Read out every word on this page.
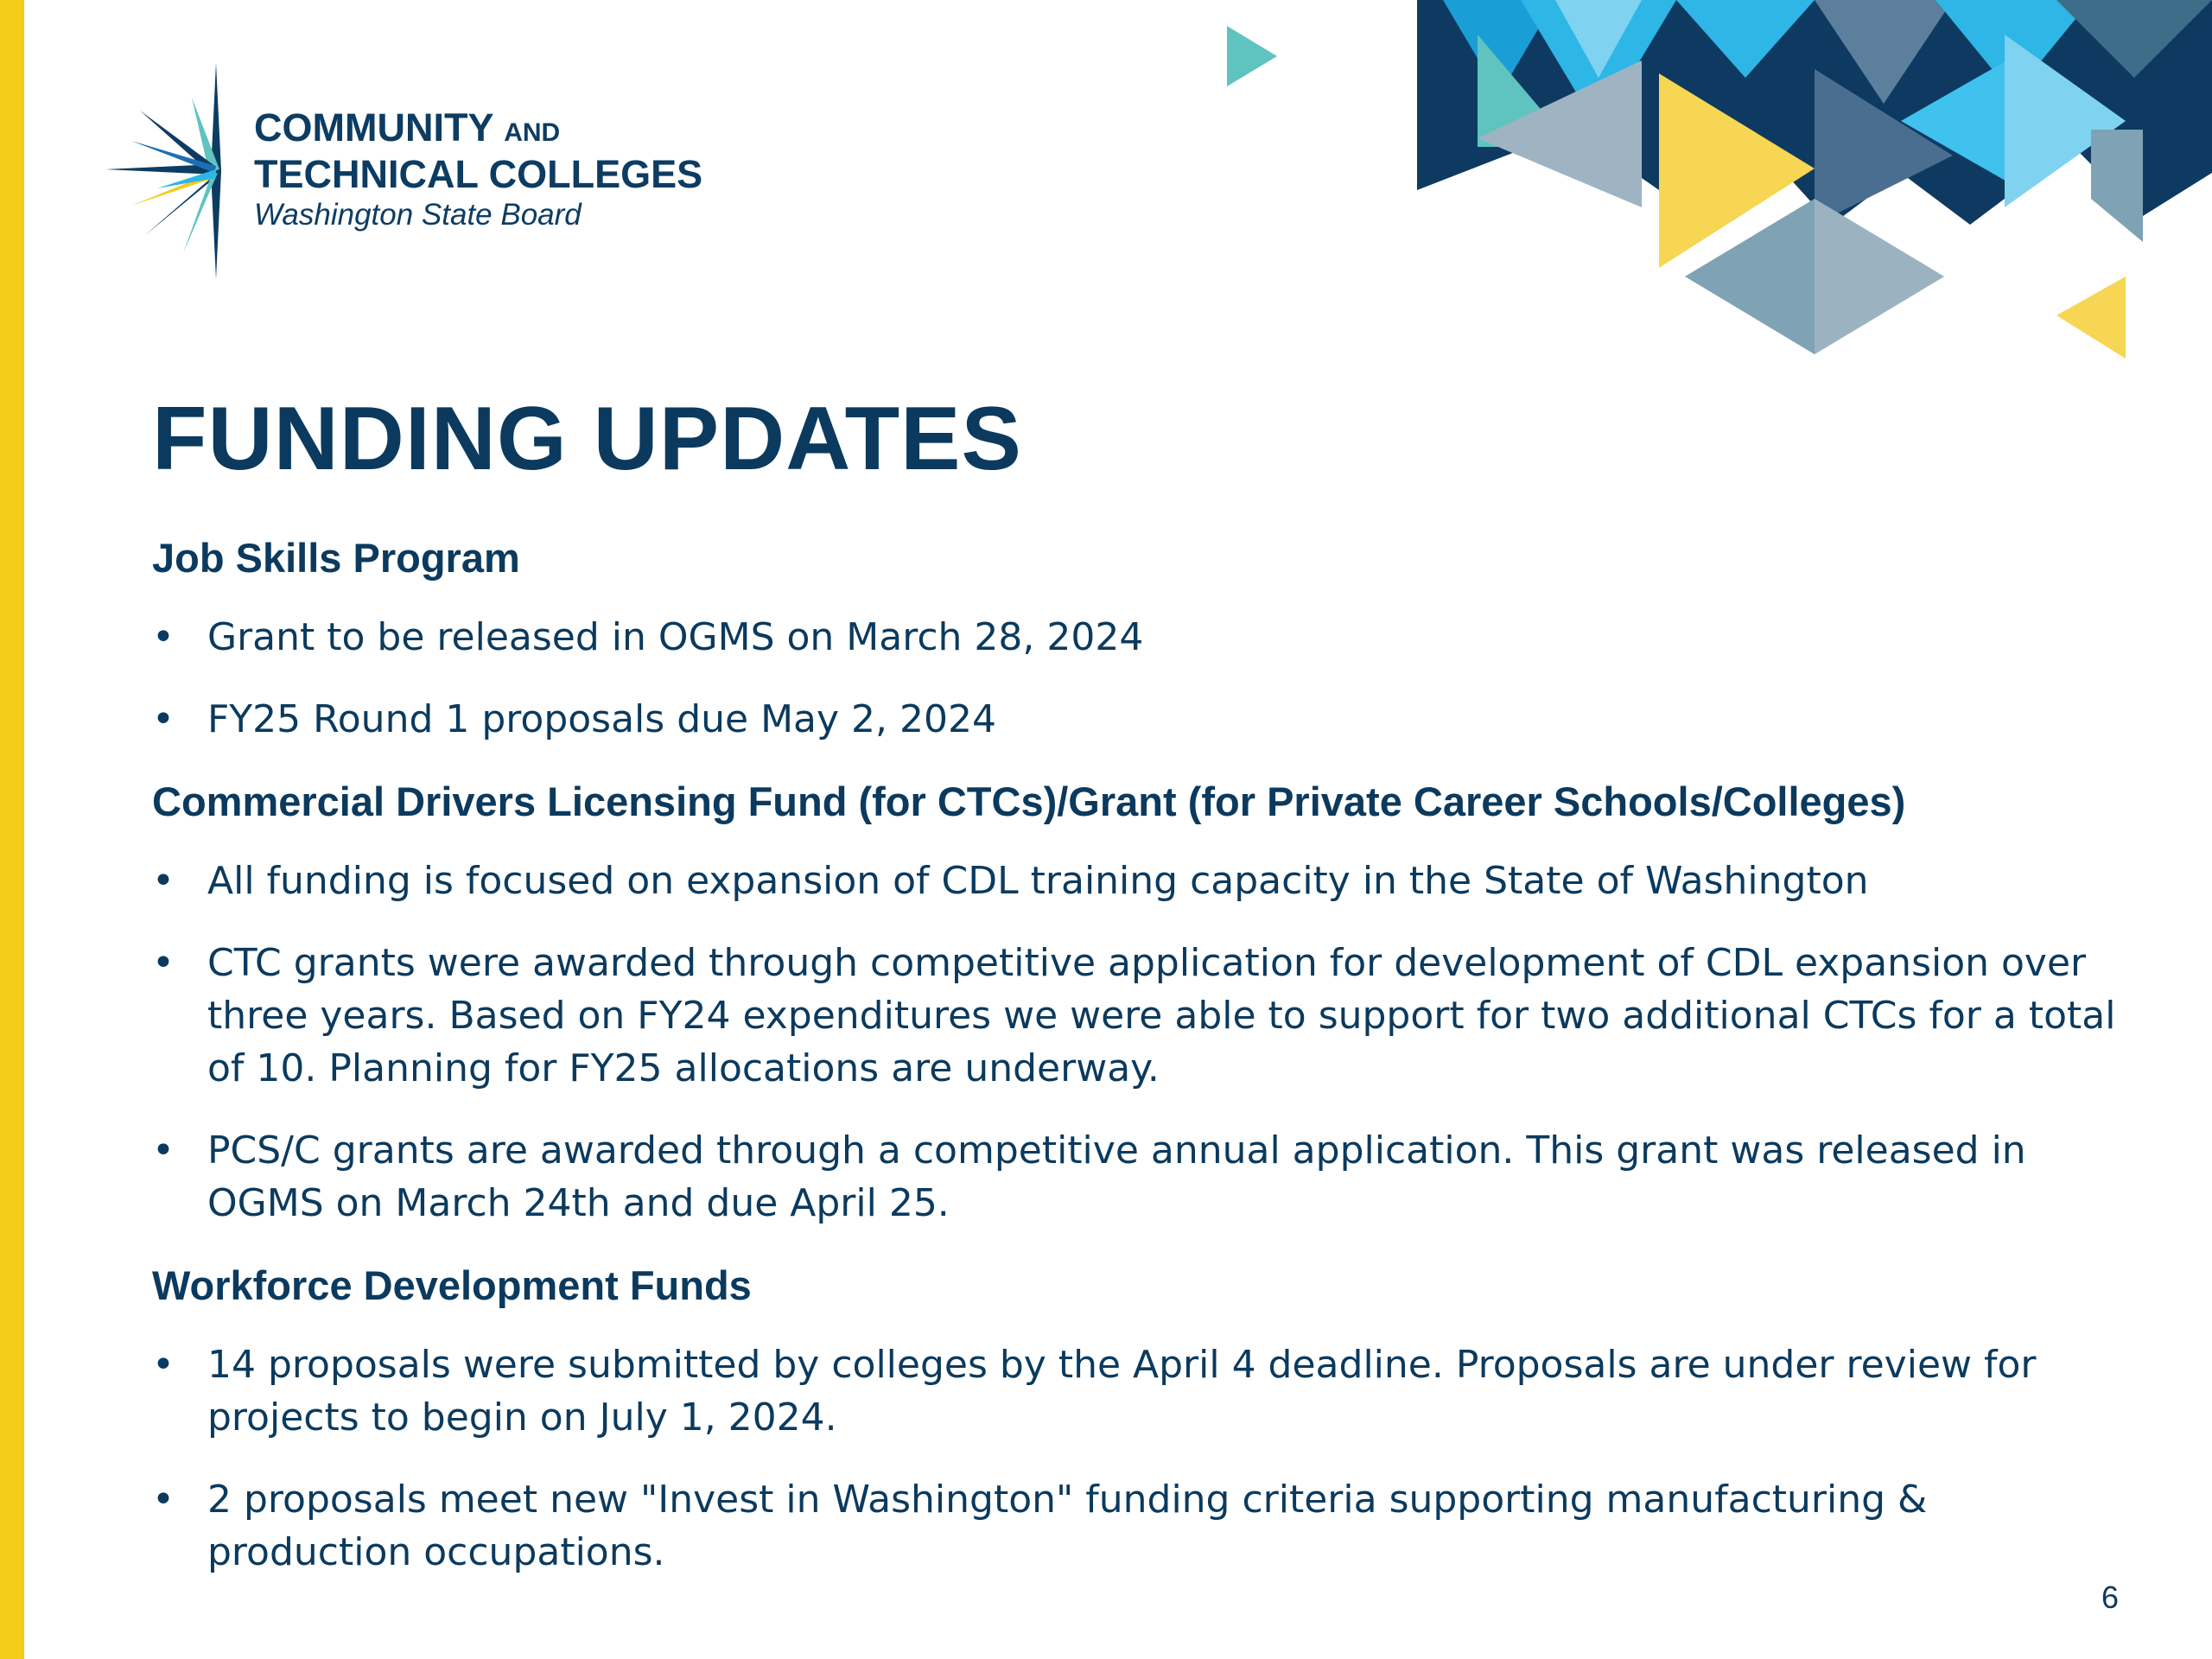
COMMUNITY AND
TECHNICAL COLLEGES
Washington State Board
FUNDING UPDATES
Job Skills Program
• Grant to be released in OGMS on March 28, 2024
• FY25 Round 1 proposals due May 2, 2024
Commercial Drivers Licensing Fund (for CTCs)/Grant (for Private Career Schools/Colleges)
• All funding is focused on expansion of CDL training capacity in the State of Washington
• CTC grants were awarded through competitive application for development of CDL expansion over three years. Based on FY24 expenditures we were able to support for two additional CTCs for a total of 10. Planning for FY25 allocations are underway.
• PCS/C grants are awarded through a competitive annual application. This grant was released in OGMS on March 24th and due April 25.
Workforce Development Funds
• 14 proposals were submitted by colleges by the April 4 deadline. Proposals are under review for projects to begin on July 1, 2024.
• 2 proposals meet new "Invest in Washington" funding criteria supporting manufacturing & production occupations.
6
